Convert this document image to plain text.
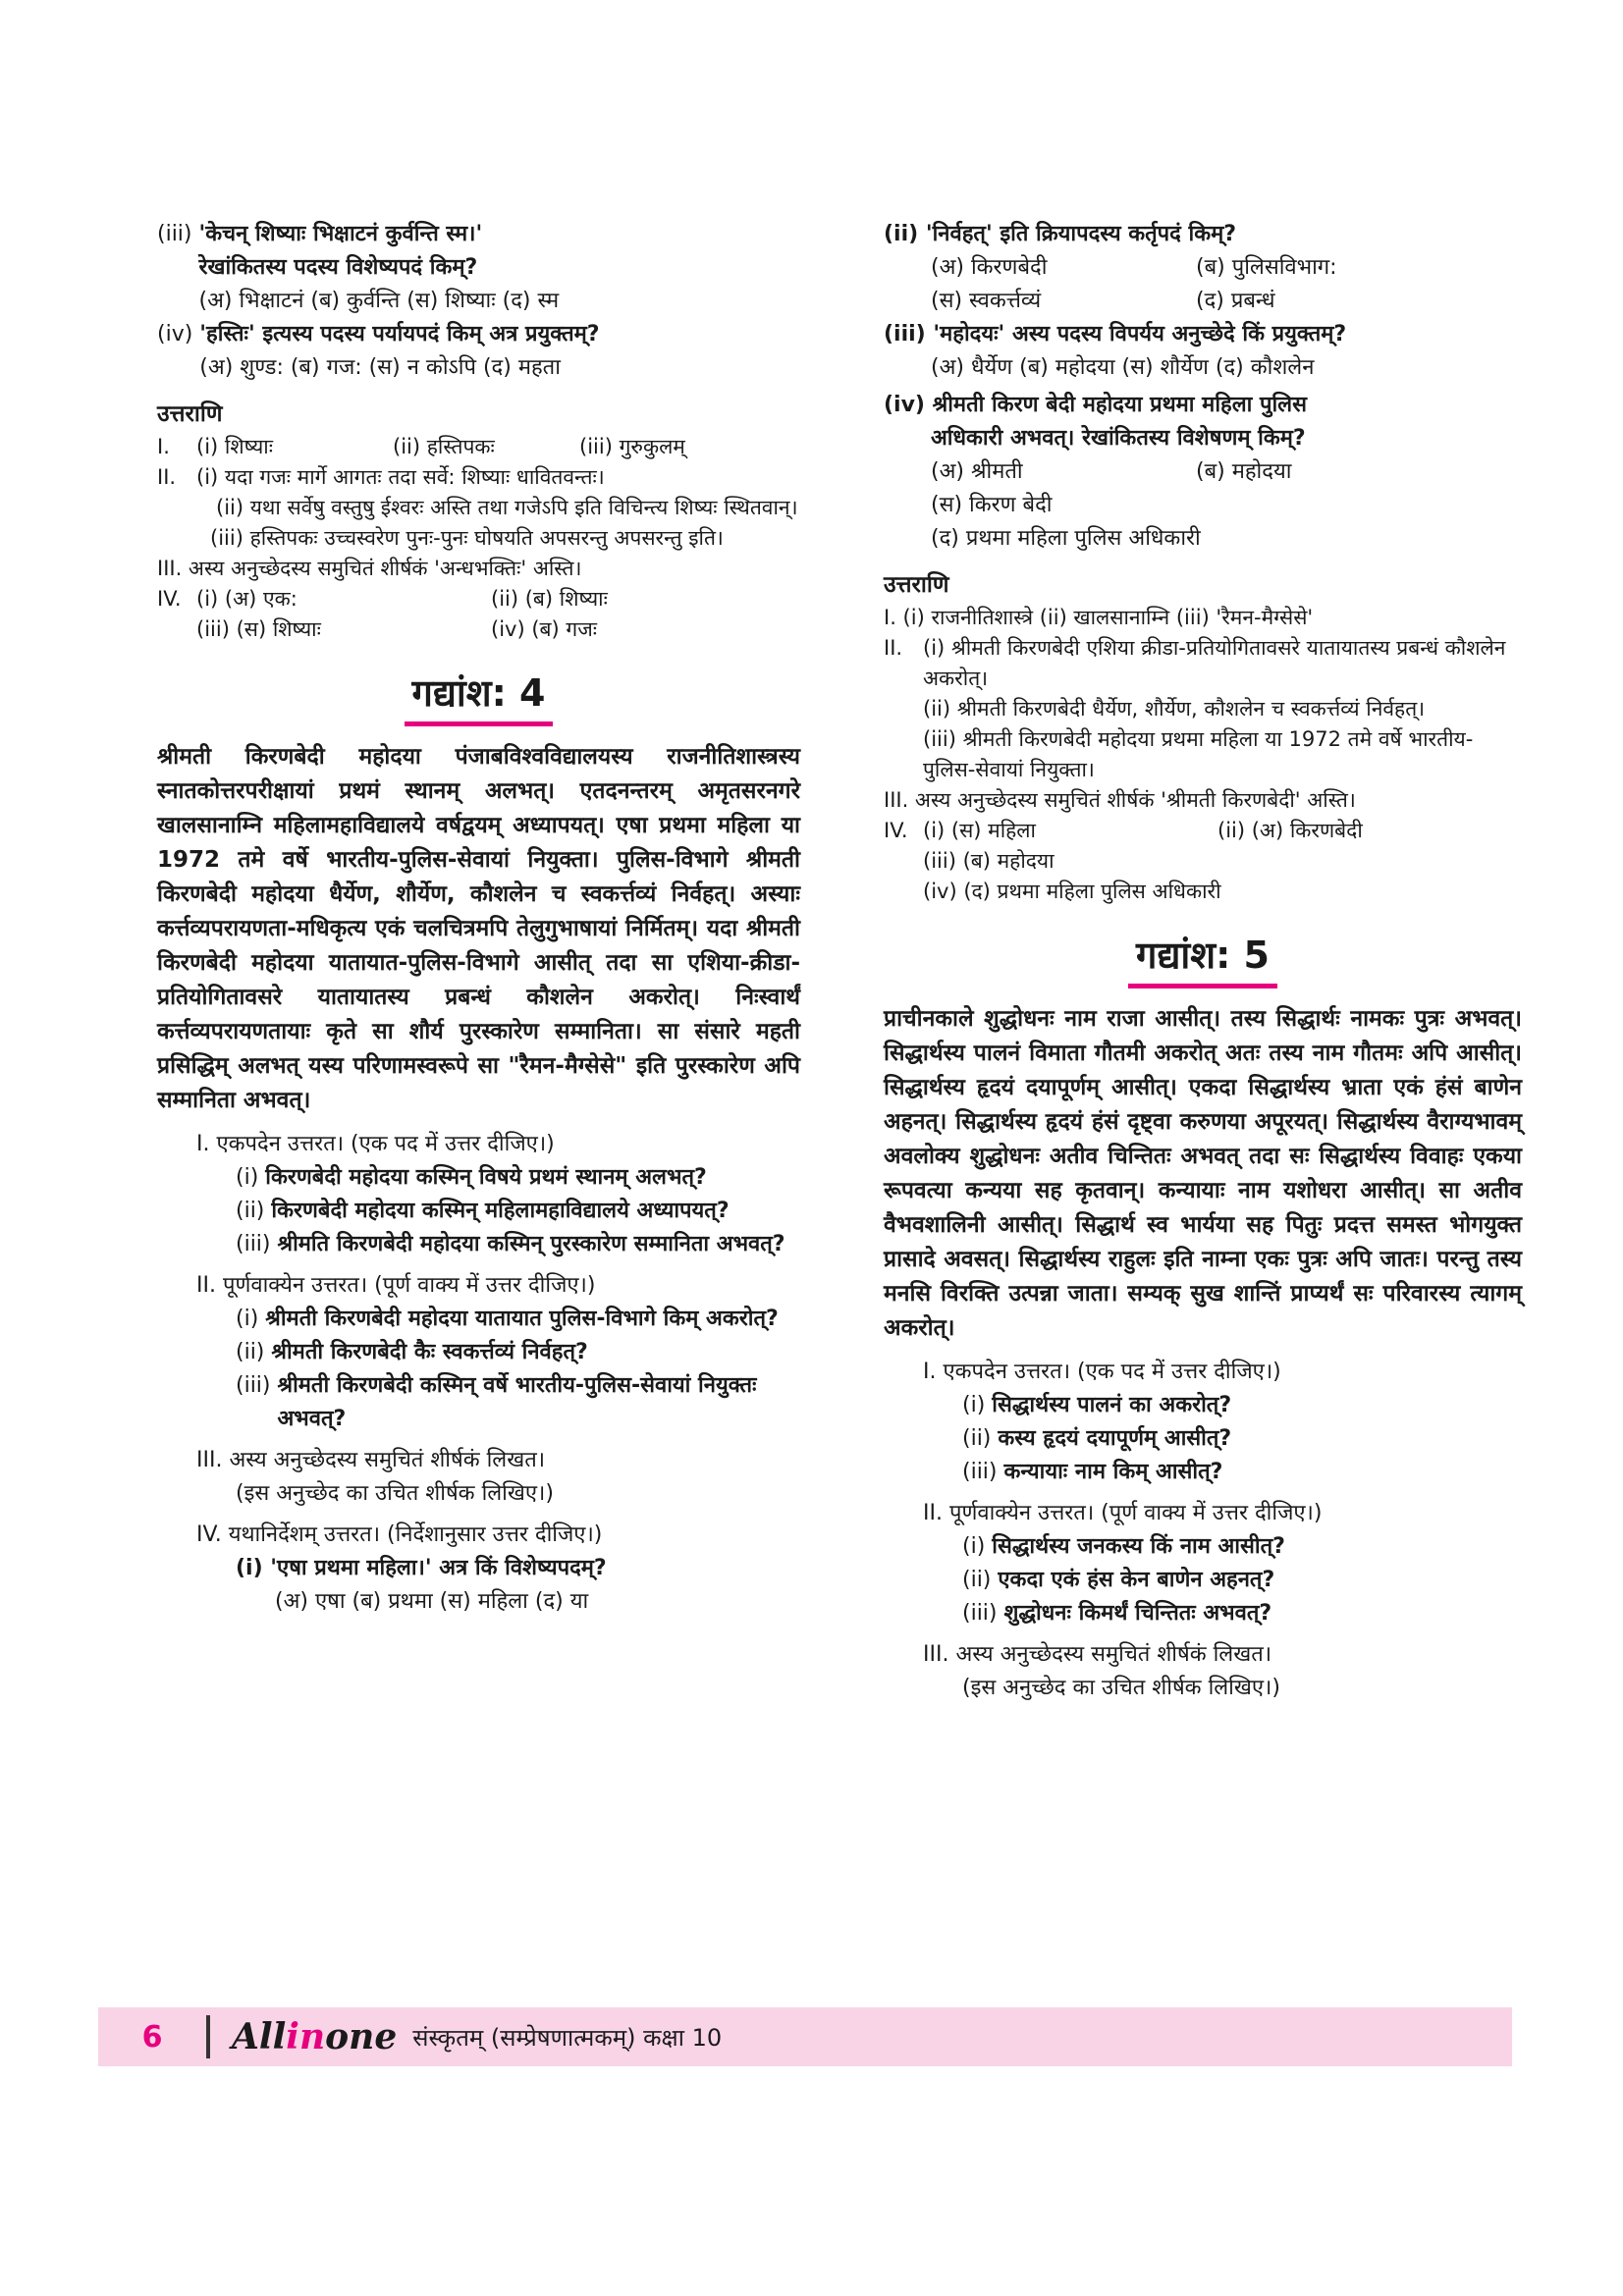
(iii) 'केचन् शिष्याः भिक्षाटनं कुर्वन्ति स्म।'
रेखांकितस्य पदस्य विशेष्यपदं किम्?
(अ) भिक्षाटनं (ब) कुर्वन्ति (स) शिष्याः (द) स्म
(iv) 'हस्तिः' इत्यस्य पदस्य पर्यायपदं किम् अत्र प्रयुक्तम्?
(अ) शुण्ड: (ब) गज: (स) न कोऽपि (द) महता
उत्तराणि
I.	(i) शिष्याः	(ii) हस्तिपकः	(iii) गुरुकुलम्
II. (i) यदा गजः मार्गे आगतः तदा सर्वे: शिष्याः धावितवन्तः।
(ii) यथा सर्वेषु वस्तुषु ईश्वरः अस्ति तथा गजेऽपि इति विचिन्त्य शिष्यः स्थितवान्।
(iii) हस्तिपकः उच्चस्वरेण पुनः-पुनः घोषयति अपसरन्तु अपसरन्तु इति।
III. अस्य अनुच्छेदस्य समुचितं शीर्षकं 'अन्धभक्तिः' अस्ति।
IV. (i) (अ) एक:	(ii) (ब) शिष्याः
(iii) (स) शिष्याः	(iv) (ब) गजः
गद्यांश: 4
श्रीमती किरणबेदी महोदया पंजाबविश्वविद्यालयस्य राजनीतिशास्त्रस्य स्नातकोत्तरपरीक्षायां प्रथमं स्थानम् अलभत्। एतदनन्तरम् अमृतसरनगरे खालसानाम्नि महिलामहाविद्यालये वर्षद्वयम् अध्यापयत्। एषा प्रथमा महिला या 1972 तमे वर्षे भारतीय-पुलिस-सेवायां नियुक्ता। पुलिस-विभागे श्रीमती किरणबेदी महोदया धैर्येण, शौर्येण, कौशलेन च स्वकर्त्तव्यं निर्वहत्। अस्याः कर्त्तव्यपरायणता-मधिकृत्य एकं चलचित्रमपि तेलुगुभाषायां निर्मितम्। यदा श्रीमती किरणबेदी महोदया यातायात-पुलिस-विभागे आसीत् तदा सा एशिया-क्रीडा-प्रतियोगितावसरे यातायातस्य प्रबन्धं कौशलेन अकरोत्। निःस्वार्थं कर्त्तव्यपरायणतायाः कृते सा शौर्य पुरस्कारेण सम्मानिता। सा संसारे महती प्रसिद्धिम् अलभत् यस्य परिणामस्वरूपे सा "रैमन-मैग्सेसे" इति पुरस्कारेण अपि सम्मानिता अभवत्।
I. एकपदेन उत्तरत। (एक पद में उत्तर दीजिए।)
(i) किरणबेदी महोदया कस्मिन् विषये प्रथमं स्थानम् अलभत्?
(ii) किरणबेदी महोदया कस्मिन् महिलामहाविद्यालये अध्यापयत्?
(iii) श्रीमति किरणबेदी महोदया कस्मिन् पुरस्कारेण सम्मानिता अभवत्?
II. पूर्णवाक्येन उत्तरत। (पूर्ण वाक्य में उत्तर दीजिए।)
(i) श्रीमती किरणबेदी महोदया यातायात पुलिस-विभागे किम् अकरोत्?
(ii) श्रीमती किरणबेदी कैः स्वकर्त्तव्यं निर्वहत्?
(iii) श्रीमती किरणबेदी कस्मिन् वर्षे भारतीय-पुलिस-सेवायां नियुक्तः अभवत्?
III. अस्य अनुच्छेदस्य समुचितं शीर्षकं लिखत।
(इस अनुच्छेद का उचित शीर्षक लिखिए।)
IV. यथानिर्देशम् उत्तरत। (निर्देशानुसार उत्तर दीजिए।)
(i) 'एषा प्रथमा महिला।' अत्र किं विशेष्यपदम्?
(अ) एषा (ब) प्रथमा (स) महिला (द) या
(ii) 'निर्वहत्' इति क्रियापदस्य कर्तृपदं किम्?
(अ) किरणबेदी	(ब) पुलिसविभाग:
(स) स्वकर्त्तव्यं	(द) प्रबन्धं
(iii) 'महोदयः' अस्य पदस्य विपर्यय अनुच्छेदे किं प्रयुक्तम्?
(अ) धैर्येण (ब) महोदया (स) शौर्येण (द) कौशलेन
(iv) श्रीमती किरण बेदी महोदया प्रथमा महिला पुलिस
अधिकारी अभवत्। रेखांकितस्य विशेषणम् किम्?
(अ) श्रीमती	(ब) महोदया
(स) किरण बेदी
(द) प्रथमा महिला पुलिस अधिकारी
उत्तराणि
I. (i) राजनीतिशास्त्रे (ii) खालसानाम्नि (iii) 'रैमन-मैग्सेसे'
II. (i) श्रीमती किरणबेदी एशिया क्रीडा-प्रतियोगितावसरे यातायातस्य प्रबन्धं कौशलेन अकरोत्।
(ii) श्रीमती किरणबेदी धैर्येण, शौर्येण, कौशलेन च स्वकर्त्तव्यं निर्वहत्।
(iii) श्रीमती किरणबेदी महोदया प्रथमा महिला या 1972 तमे वर्षे भारतीय-पुलिस-सेवायां नियुक्ता।
III. अस्य अनुच्छेदस्य समुचितं शीर्षकं 'श्रीमती किरणबेदी' अस्ति।
IV. (i) (स) महिला	(ii) (अ) किरणबेदी
(iii) (ब) महोदया
(iv) (द) प्रथमा महिला पुलिस अधिकारी
गद्यांश: 5
प्राचीनकाले शुद्धोधनः नाम राजा आसीत्। तस्य सिद्धार्थः नामकः पुत्रः अभवत्। सिद्धार्थस्य पालनं विमाता गौतमी अकरोत् अतः तस्य नाम गौतमः अपि आसीत्। सिद्धार्थस्य हृदयं दयापूर्णम् आसीत्। एकदा सिद्धार्थस्य भ्राता एकं हंसं बाणेन अहनत्। सिद्धार्थस्य हृदयं हंसं दृष्ट्वा करुणया अपूरयत्। सिद्धार्थस्य वैराग्यभावम् अवलोक्य शुद्धोधनः अतीव चिन्तितः अभवत् तदा सः सिद्धार्थस्य विवाहः एकया रूपवत्या कन्यया सह कृतवान्। कन्यायाः नाम यशोधरा आसीत्। सा अतीव वैभवशालिनी आसीत्। सिद्धार्थ स्व भार्यया सह पितुः प्रदत्त समस्त भोगयुक्त प्रासादे अवसत्। सिद्धार्थस्य राहुलः इति नाम्ना एकः पुत्रः अपि जातः। परन्तु तस्य मनसि विरक्ति उत्पन्ना जाता। सम्यक् सुख शान्तिं प्राप्यर्थं सः परिवारस्य त्यागम् अकरोत्।
I. एकपदेन उत्तरत। (एक पद में उत्तर दीजिए।)
(i) सिद्धार्थस्य पालनं का अकरोत्?
(ii) कस्य हृदयं दयापूर्णम् आसीत्?
(iii) कन्यायाः नाम किम् आसीत्?
II. पूर्णवाक्येन उत्तरत। (पूर्ण वाक्य में उत्तर दीजिए।)
(i) सिद्धार्थस्य जनकस्य किं नाम आसीत्?
(ii) एकदा एकं हंस केन बाणेन अहनत्?
(iii) शुद्धोधनः किमर्थं चिन्तितः अभवत्?
III. अस्य अनुच्छेदस्य समुचितं शीर्षकं लिखत।
(इस अनुच्छेद का उचित शीर्षक लिखिए।)
6	Allinone संस्कृतम् (सम्प्रेषणात्मकम्) कक्षा 10
